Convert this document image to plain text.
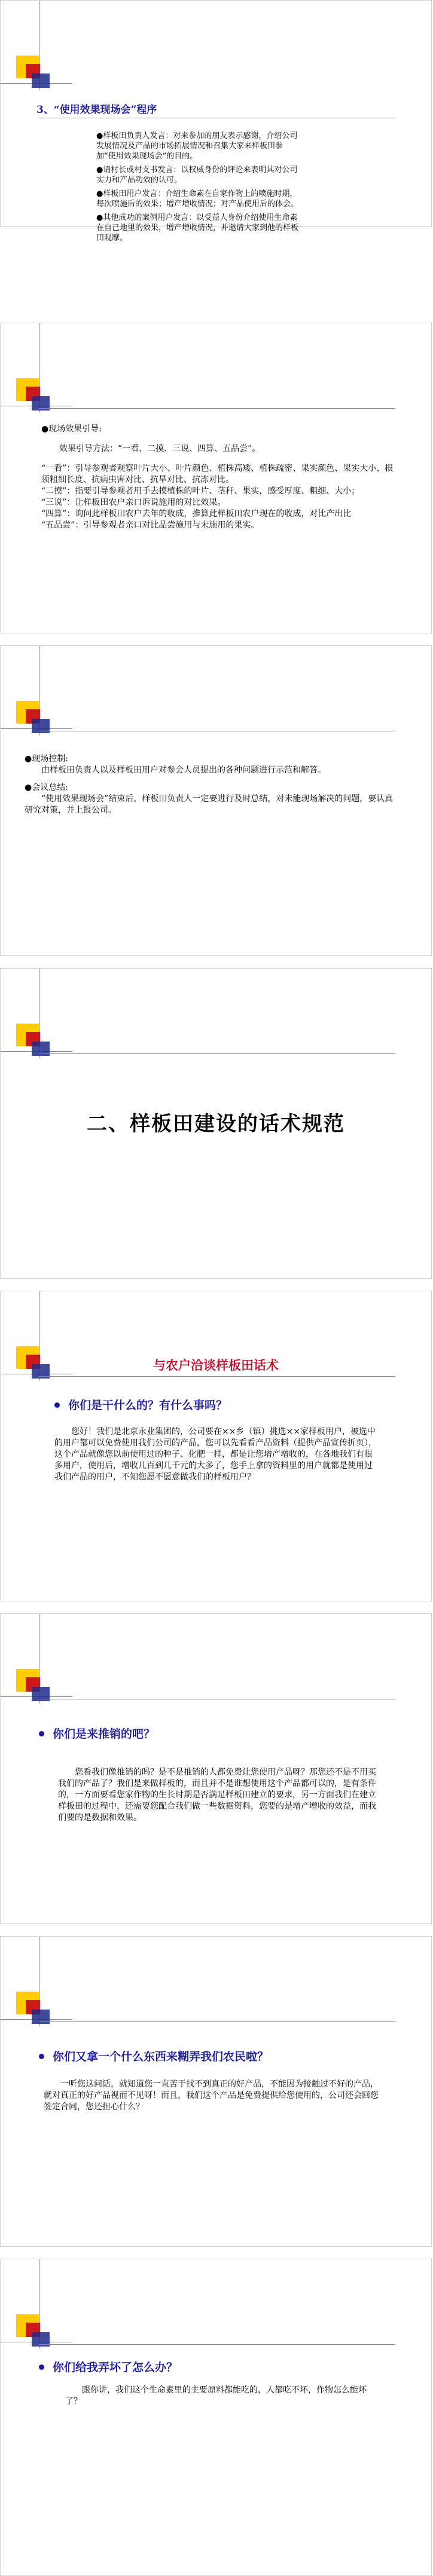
3、“使用效果现场会”程序

●样板田负责人发言：对来参加的朋友表示感谢，介绍公司发展情况及产品的市场拓展情况和召集大家来样板田参加“使用效果现场会”的目的。

●请村长或村支书发言：以权威身份的评论来表明其对公司实力和产品功效的认可。

●样板田用户发言：介绍生命素在自家作物上的喷施时期，每次喷施后的效果；增产增收情况；对产品使用后的体会。

●其他成功的案例用户发言：以受益人身份介绍使用生命素在自己地里的效果，增产增收情况，并邀请大家到他的样板田观摩。

●现场效果引导:

效果引导方法：“一看、二摸、三说、四算、五品尝”。

“一看”：引导参观者观察叶片大小、叶片颜色、植株高矮、植株疏密、果实颜色、果实大小、根须粗细长度、抗病虫害对比、抗旱对比、抗冻对比。

“二摸”：指要引导参观者用手去摸植株的叶片、茎秆、果实，感受厚度、粗细、大小；

“三说”：让样板田农户亲口诉说施用的对比效果。

“四算”：询问此样板田农户去年的收成，推算此样板田农户现在的收成，对比产出比

“五品尝”：引导参观者亲口对比品尝施用与未施用的果实。

●现场控制:

由样板田负责人以及样板田用户对参会人员提出的各种问题进行示范和解答。

●会议总结:

“使用效果现场会”结束后，样板田负责人一定要进行及时总结，对未能现场解决的问题，要认真研究对策，并上报公司。

二、样板田建设的话术规范
与农户洽谈样板田话术
你们是干什么的？有什么事吗？
您好！我们是北京永业集团的，公司要在××乡（镇）挑选××家样板用户，被选中的用户都可以免费使用我们公司的产品，您可以先看看产品资料（提供产品宣传折页），这个产品就像您以前使用过的种子、化肥一样，都是让您增产增收的，在各地我们有很多用户，使用后，增收几百到几千元的大多了，您手上拿的资料里的用户就都是使用过我们产品的用户，不知您愿不愿意做我们的样板用户？
你们是来推销的吧？
您看我们像推销的吗？是不是推销的人都免费让您使用产品呀？那您还不是不用买我们的产品了？我们是来做样板的，而且并不是谁想使用这个产品都可以的，是有条件的，一方面要看您家作物的生长时期是否满足样板田建立的要求，另一方面我们在建立样板田的过程中，还需要您配合我们做一些数据资料，您要的是增产增收的效益，而我们要的是数据和效果。
你们又拿一个什么东西来糊弄我们农民啦？
一听您这问话，就知道您一直苦于找不到真正的好产品，不能因为接触过不好的产品，就对真正的好产品视而不见呀！而且，我们这个产品是免费提供给您使用的，公司还会回您签定合同，您还担心什么？
你们给我弄坏了怎么办？
跟你讲，我们这个生命素里的主要原料都能吃的，人都吃不坏，作物怎么能坏了？
